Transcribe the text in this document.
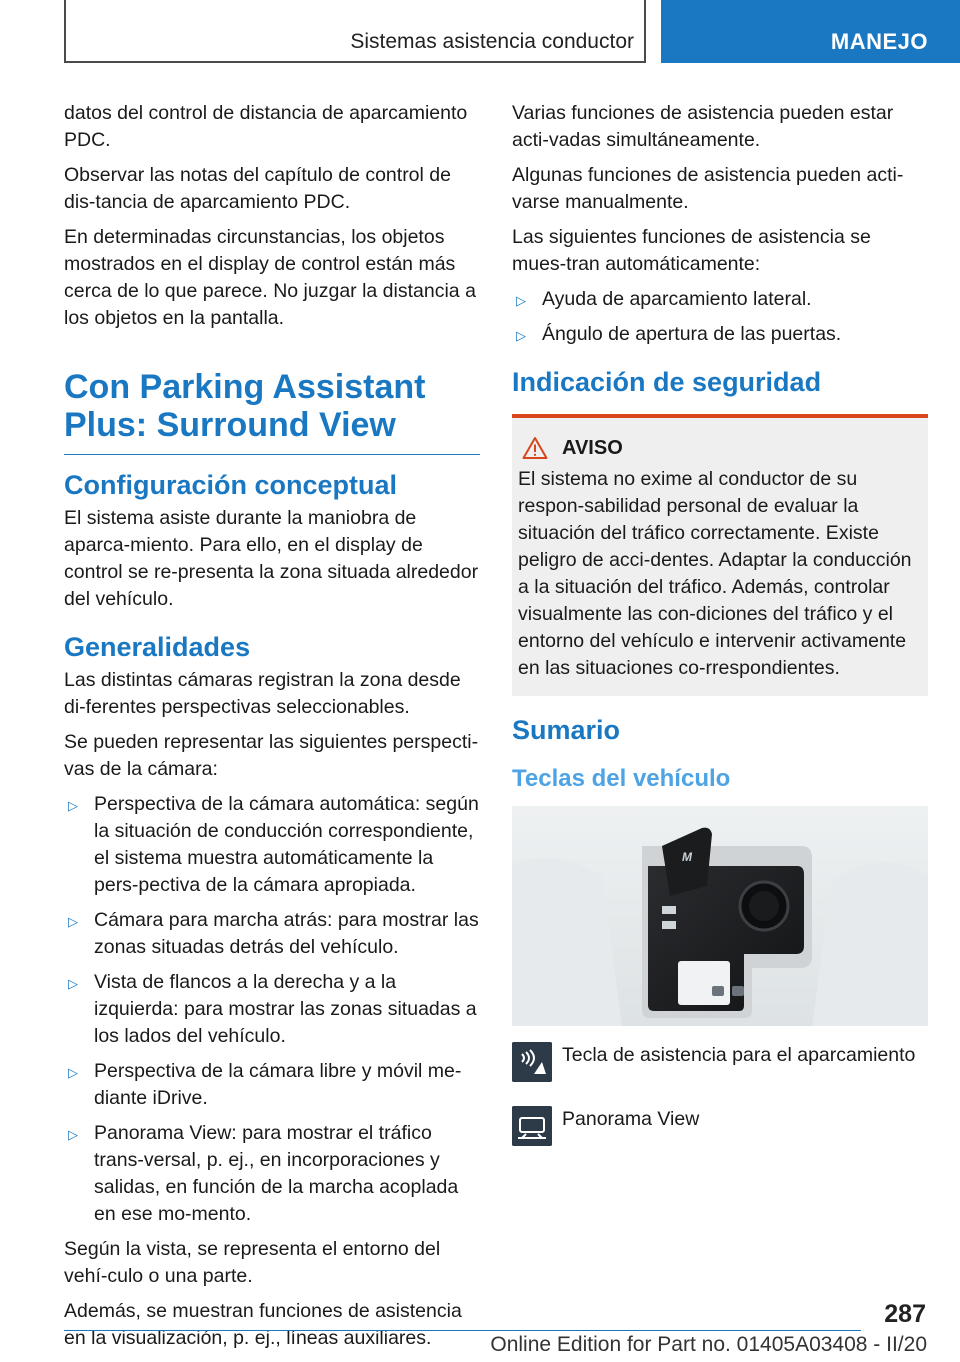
Sistemas asistencia conductor	MANEJO

datos del control de distancia de aparcamiento PDC.

Observar las notas del capítulo de control de dis-tancia de aparcamiento PDC.

En determinadas circunstancias, los objetos mostrados en el display de control están más cerca de lo que parece. No juzgar la distancia a los objetos en la pantalla.

Con Parking Assistant Plus: Surround View
Configuración conceptual

El sistema asiste durante la maniobra de aparca-miento. Para ello, en el display de control se re-presenta la zona situada alrededor del vehículo.

Generalidades

Las distintas cámaras registran la zona desde di-ferentes perspectivas seleccionables.

Se pueden representar las siguientes perspecti-vas de la cámara:

▷ Perspectiva de la cámara automática: según la situación de conducción correspondiente, el sistema muestra automáticamente la pers-pectiva de la cámara apropiada.
▷ Cámara para marcha atrás: para mostrar las zonas situadas detrás del vehículo.
▷ Vista de flancos a la derecha y a la izquierda: para mostrar las zonas situadas a los lados del vehículo.
▷ Perspectiva de la cámara libre y móvil me-diante iDrive.
▷ Panorama View: para mostrar el tráfico trans-versal, p. ej., en incorporaciones y salidas, en función de la marcha acoplada en ese mo-mento.

Según la vista, se representa el entorno del vehí-culo o una parte.

Además, se muestran funciones de asistencia en la visualización, p. ej., líneas auxiliares.

Varias funciones de asistencia pueden estar acti-vadas simultáneamente.

Algunas funciones de asistencia pueden acti-varse manualmente.

Las siguientes funciones de asistencia se mues-tran automáticamente:

▷ Ayuda de aparcamiento lateral.
▷ Ángulo de apertura de las puertas.
Indicación de seguridad
AVISO

El sistema no exime al conductor de su respon-sabilidad personal de evaluar la situación del tráfico correctamente. Existe peligro de acci-dentes. Adaptar la conducción a la situación del tráfico. Además, controlar visualmente las con-diciones del tráfico y el entorno del vehículo e intervenir activamente en las situaciones co-rrespondientes.

Sumario
Teclas del vehículo
M
Tecla de asistencia para el aparcamiento
Panorama View
287
Online Edition for Part no. 01405A03408 - II/20
